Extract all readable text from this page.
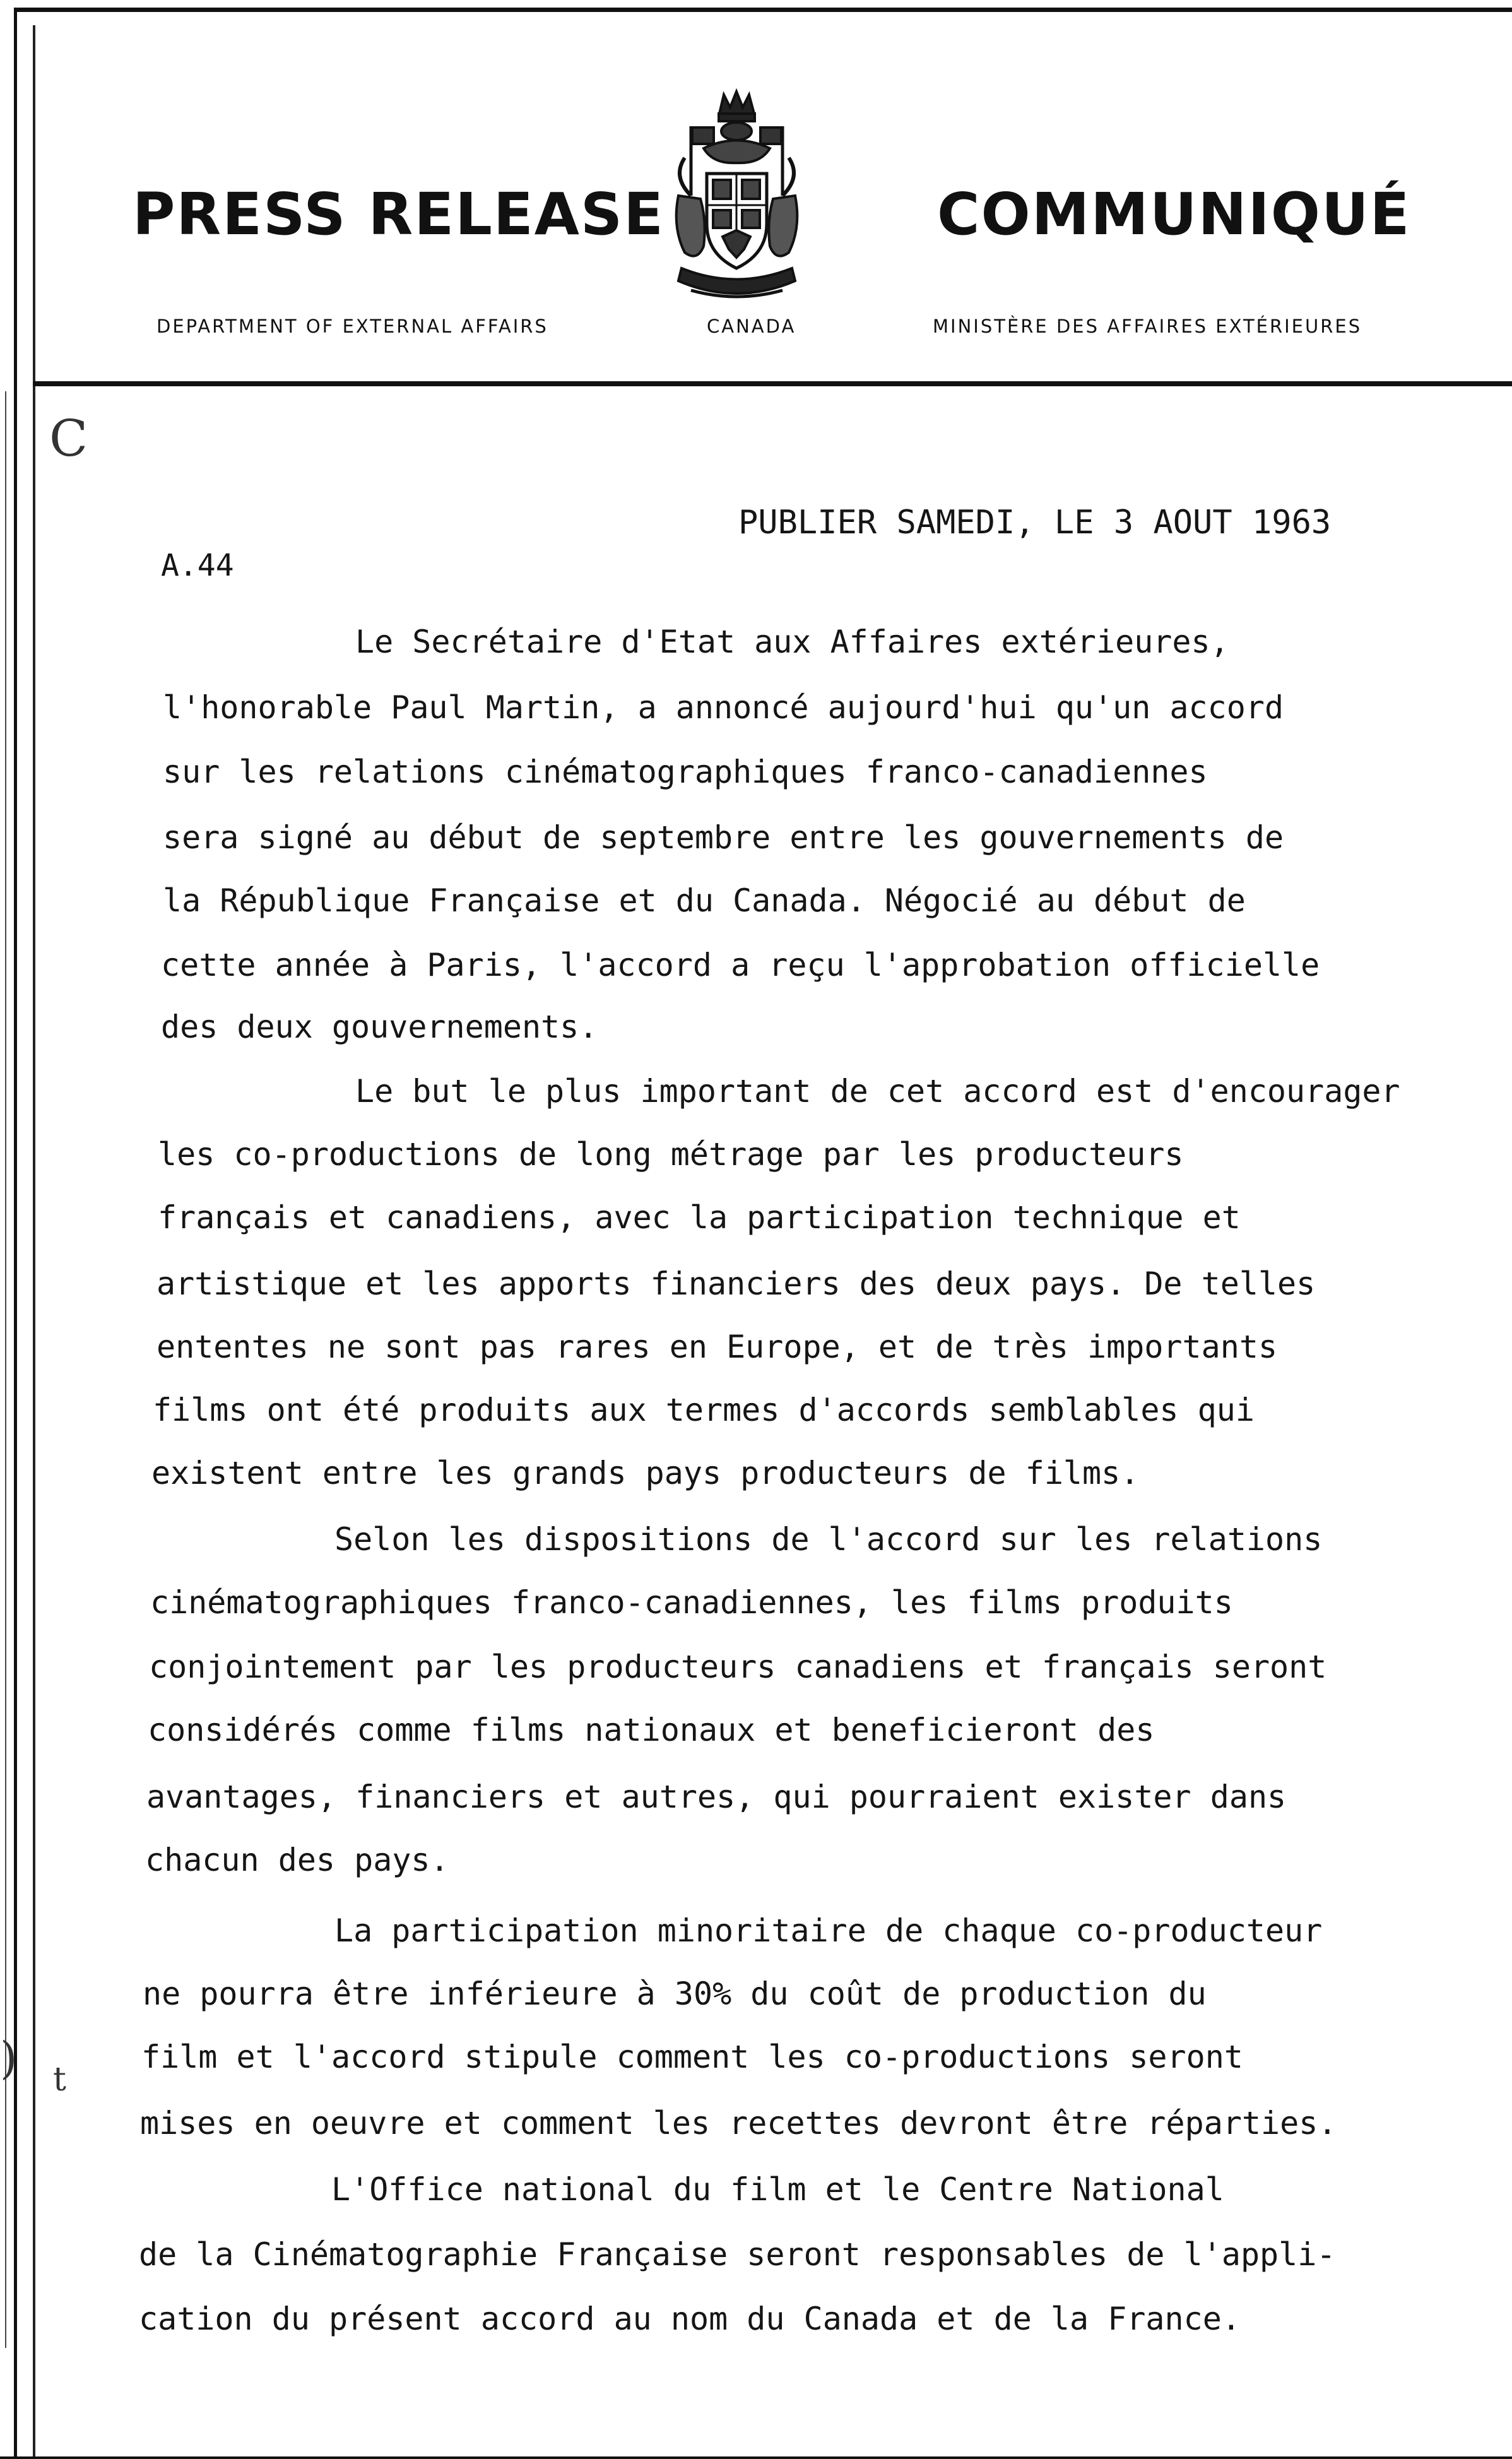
PRESS RELEASE	COMMUNIQUÉ
DEPARTMENT OF EXTERNAL AFFAIRS	CANADA	MINISTÈRE DES AFFAIRES EXTÉRIEURES
PUBLIER SAMEDI, LE 3 AOUT 1963
A.44
C
) t
Le Secrétaire d'Etat aux Affaires extérieures,
l'honorable Paul Martin, a annoncé aujourd'hui qu'un accord
sur les relations cinématographiques franco-canadiennes
sera signé au début de septembre entre les gouvernements de
la République Française et du Canada. Négocié au début de
cette année à Paris, l'accord a reçu l'approbation officielle
des deux gouvernements.
Le but le plus important de cet accord est d'encourager
les co-productions de long métrage par les producteurs
français et canadiens, avec la participation technique et
artistique et les apports financiers des deux pays. De telles
ententes ne sont pas rares en Europe, et de très importants
films ont été produits aux termes d'accords semblables qui
existent entre les grands pays producteurs de films.
Selon les dispositions de l'accord sur les relations
cinématographiques franco-canadiennes, les films produits
conjointement par les producteurs canadiens et français seront
considérés comme films nationaux et beneficieront des
avantages, financiers et autres, qui pourraient exister dans
chacun des pays.
La participation minoritaire de chaque co-producteur
ne pourra être inférieure à 30% du coût de production du
film et l'accord stipule comment les co-productions seront
mises en oeuvre et comment les recettes devront être réparties.
L'Office national du film et le Centre National
de la Cinématographie Française seront responsables de l'appli-
cation du présent accord au nom du Canada et de la France.
